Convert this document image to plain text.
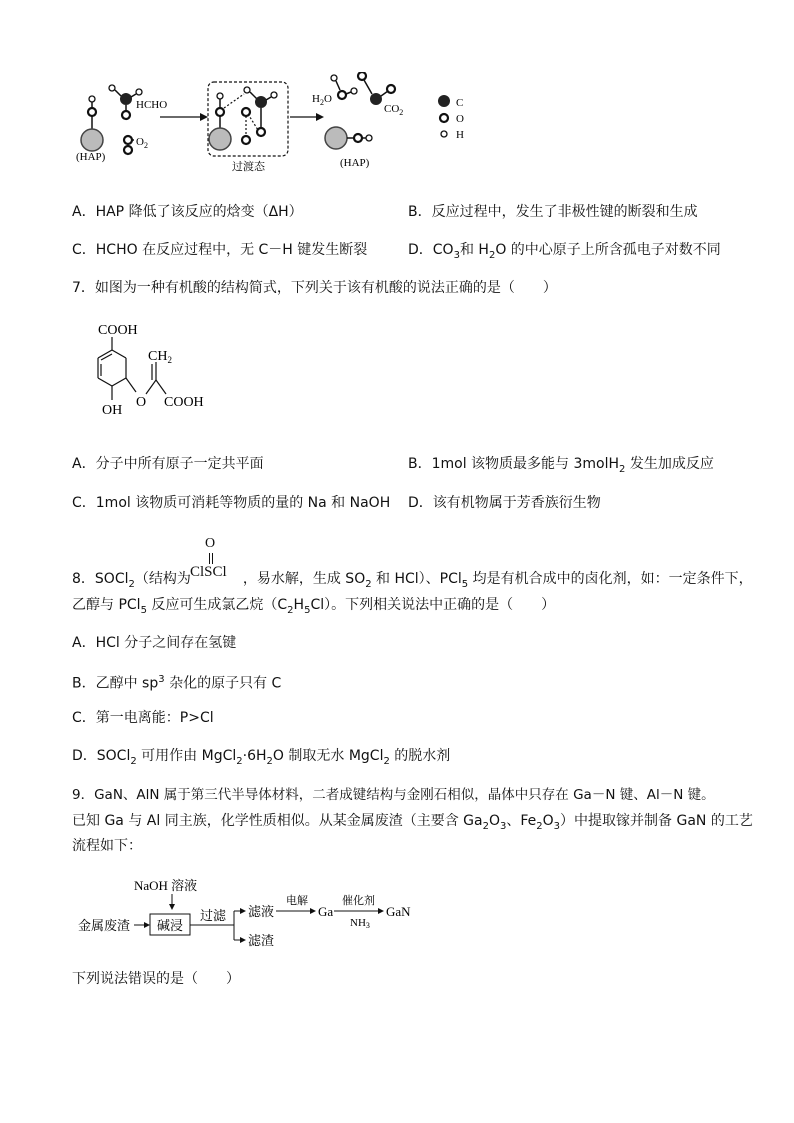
(HAP)
HCHO
$O_2$
过渡态
$H_2O$
$CO_2$
(HAP)
C
O
H
A．HAP 降低了该反应的焓变（ΔH）	B．反应过程中，发生了非极性键的断裂和生成
C．HCHO 在反应过程中，无 C－H 键发生断裂	D．$CO_3$和 $H_2O$ 的中心原子上所含孤电子对数不同
7．如图为一种有机酸的结构简式，下列关于该有机酸的说法正确的是（　　）
COOH
OH
O
$CH_2$
COOH
A．分子中所有原子一定共平面	B．1mol 该物质最多能与 3molH$_2$ 发生加成反应
C．1mol 该物质可消耗等物质的量的 Na 和 NaOH D．该有机物属于芳香族衍生物
8．SOCl$_2$（结构为	，易水解，生成 $SO_2$ 和 HCl）、PCl$_5$ 均是有机合成中的卤化剂，如：一定条件下，
O
ClSCl
乙醇与 PCl$_5$ 反应可生成氯乙烷$(C_2H_5Cl)$。下列相关说法中正确的是（　　）
A．HCl 分子之间存在氢键
B．乙醇中 $sp^3$ 杂化的原子只有 C
C．第一电离能：P>Cl
D．SOCl$_2$ 可用作由 $MgCl_2\cdot 6H_2O$ 制取无水 MgCl$_2$ 的脱水剂
9．GaN、AlN 属于第三代半导体材料，二者成键结构与金刚石相似，晶体中只存在 Ga－N 键、Al－N 键。
已知 Ga 与 Al 同主族，化学性质相似。从某金属废渣（主要含 $Ga_2O_3$、$Fe_2O_3$）中提取镓并制备 GaN 的工艺
流程如下：
NaOH 溶液
金属废渣 碱浸
过滤 滤液
电解
Ga
催化剂
NH3
GaN
滤渣
下列说法错误的是（　　）
